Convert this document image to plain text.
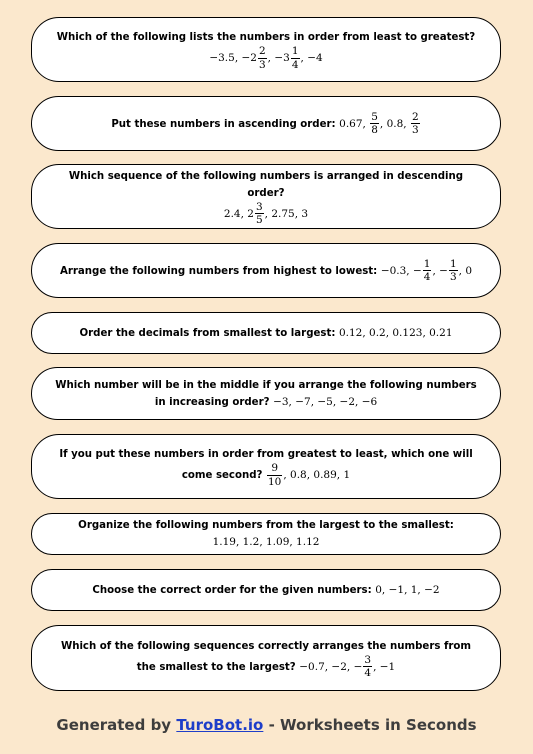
Which of the following lists the numbers in order from least to greatest?
−3.5, $-2 \frac{2}{3}$ , $-3 \frac{1}{4}$ , −4
Put these numbers in ascending order: 0.67, $\frac{5}{8}$ , 0.8, $\frac{2}{3}$
Which sequence of the following numbers is arranged in descending order?
2.4, $2 \frac{3}{5}$ , 2.75, 3
Arrange the following numbers from highest to lowest: −0.3, − $\frac{1}{4}$ , − $\frac{1}{3}$ , 0
Order the decimals from smallest to largest: 0.12, 0.2, 0.123, 0.21
Which number will be in the middle if you arrange the following numbers in increasing order? −3, −7, −5, −2, −6
If you put these numbers in order from greatest to least, which one will come second? $\frac{9}{10}$ , 0.8, 0.89, 1
Organize the following numbers from the largest to the smallest: 1.19, 1.2, 1.09, 1.12
Choose the correct order for the given numbers: 0, −1, 1, −2
Which of the following sequences correctly arranges the numbers from the smallest to the largest? −0.7, −2, − $\frac{3}{4}$ , −1
Generated by TuroBot.io - Worksheets in Seconds
